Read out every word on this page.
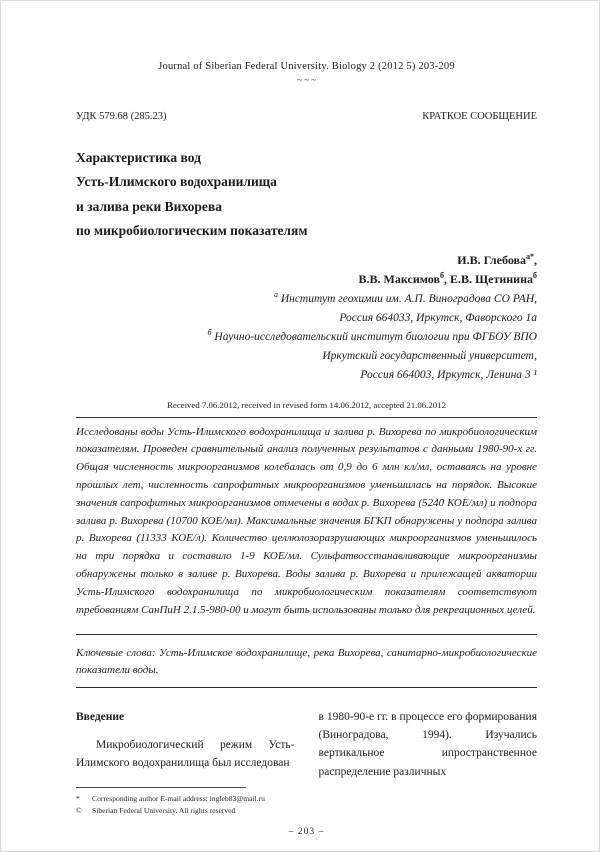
Journal of Siberian Federal University. Biology 2 (2012 5) 203-209
~ ~ ~
УДК 579.68 (285.23)	КРАТКОЕ СООБЩЕНИЕ
Характеристика вод
Усть-Илимского водохранилища
и залива реки Вихорева
по микробиологическим показателям
И.В. Глебова$^{а*}$,
В.В. Максимов$^б$, Е.В. Щетинина$^б$
$^а$ Институт геохимии им. А.П. Виноградова СО РАН,
Россия 664033, Иркутск, Фаворского 1а
$^б$ Научно-исследовательский институт биологии при ФГБОУ ВПО
Иркутский государственный университет,
Россия 664003, Иркутск, Ленина 3 ¹
Received 7.06.2012, received in revised form 14.06.2012, accepted 21.06.2012
Исследованы воды Усть-Илимского водохранилища и залива р. Вихорева по микробиологическим показателям. Проведен сравнительный анализ полученных результатов с данными 1980-90-х гг. Общая численность микроорганизмов колебалась от 0,9 до 6 млн кл/мл, оставаясь на уровне прошлых лет, численность сапрофитных микроорганизмов уменьшилась на порядок. Высокие значения сапрофитных микроорганизмов отмечены в водах р. Вихорева (5240 КОЕ/мл) и подпора залива р. Вихорева (10700 КОЕ/мл). Максимальные значения БГКП обнаружены у подпора залива р. Вихорева (11333 КОЕ/л). Количество целлюлозоразрушающих микроорганизмов уменьшилось на три порядка и составило 1-9 КОЕ/мл. Сульфатвосстанавливающие микроорганизмы обнаружены только в заливе р. Вихорева. Воды залива р. Вихорева и прилежащей акватории Усть-Илимского водохранилища по микробиологическим показателям соответствуют требованиям СанПиН 2.1.5-980-00 и могут быть использованы только для рекреационных целей.
Ключевые слова: Усть-Илимское водохранилище, река Вихорева, санитарно-микробиологические показатели воды.
Введение
Микробиологический режим Усть-Илимского водохранилища был исследован
в 1980-90-е гг. в процессе его формирования (Виноградова, 1994). Изучались вертикальное ипространственное распределение различных
*	Corresponding author E-mail address: ingleb83@mail.ru
©	Siberian Federal University. All rights reserved
– 203 –
